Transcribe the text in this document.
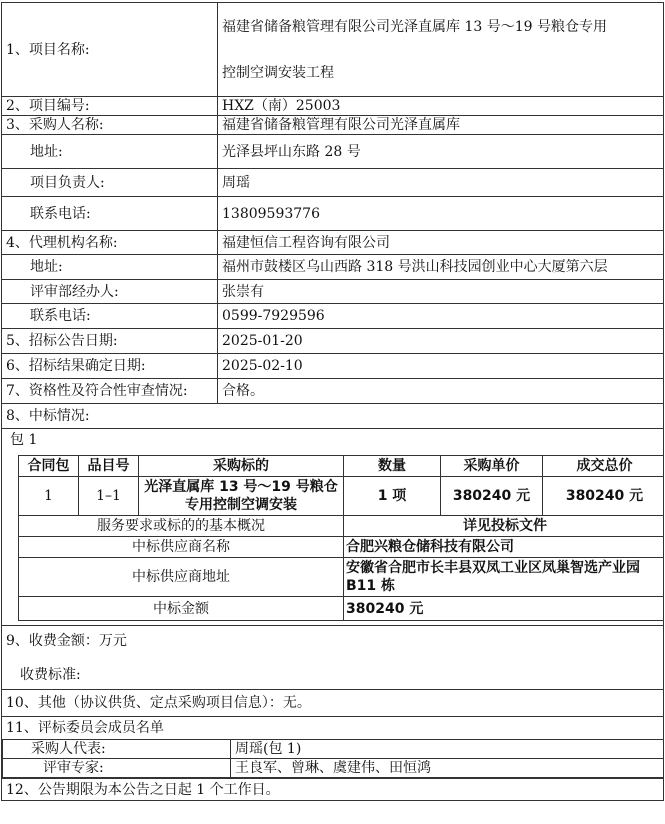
1、项目名称:	
福建省储备粮管理有限公司光泽直属库 13 号～19 号粮仓专用
控制空调安装工程

2、项目编号:	HXZ（南）25003
3、采购人名称:	福建省储备粮管理有限公司光泽直属库
地址:	光泽县坪山东路 28 号
项目负责人:	周瑶
联系电话:	13809593776
4、代理机构名称:	福建恒信工程咨询有限公司
地址:	福州市鼓楼区乌山西路 318 号洪山科技园创业中心大厦第六层
评审部经办人:	张崇有
联系电话:	0599-7929596
5、招标公告日期:	2025-01-20
6、招标结果确定日期:	2025-02-10
7、资格性及符合性审查情况:	合格。
8、中标情况:

包 1
合同包	品目号	采购标的	数量	采购单价	成交总价
1	1–1	光泽直属库 13 号～19 号粮仓专用控制空调安装	1 项	380240 元	380240 元
服务要求或标的的基本概况	详见投标文件
中标供应商名称	合肥兴粮仓储科技有限公司
中标供应商地址	安徽省合肥市长丰县双凤工业区凤巢智选产业园 B11 栋
中标金额	380240 元

9、收费金额：万元
收费标准:

10、其他（协议供货、定点采购项目信息）：无。

11、评标委员会成员名单
采购人代表:	周瑶(包 1)
评审专家:	王良军、曾琳、虞建伟、田恒鸿

12、公告期限为本公告之日起 1 个工作日。
